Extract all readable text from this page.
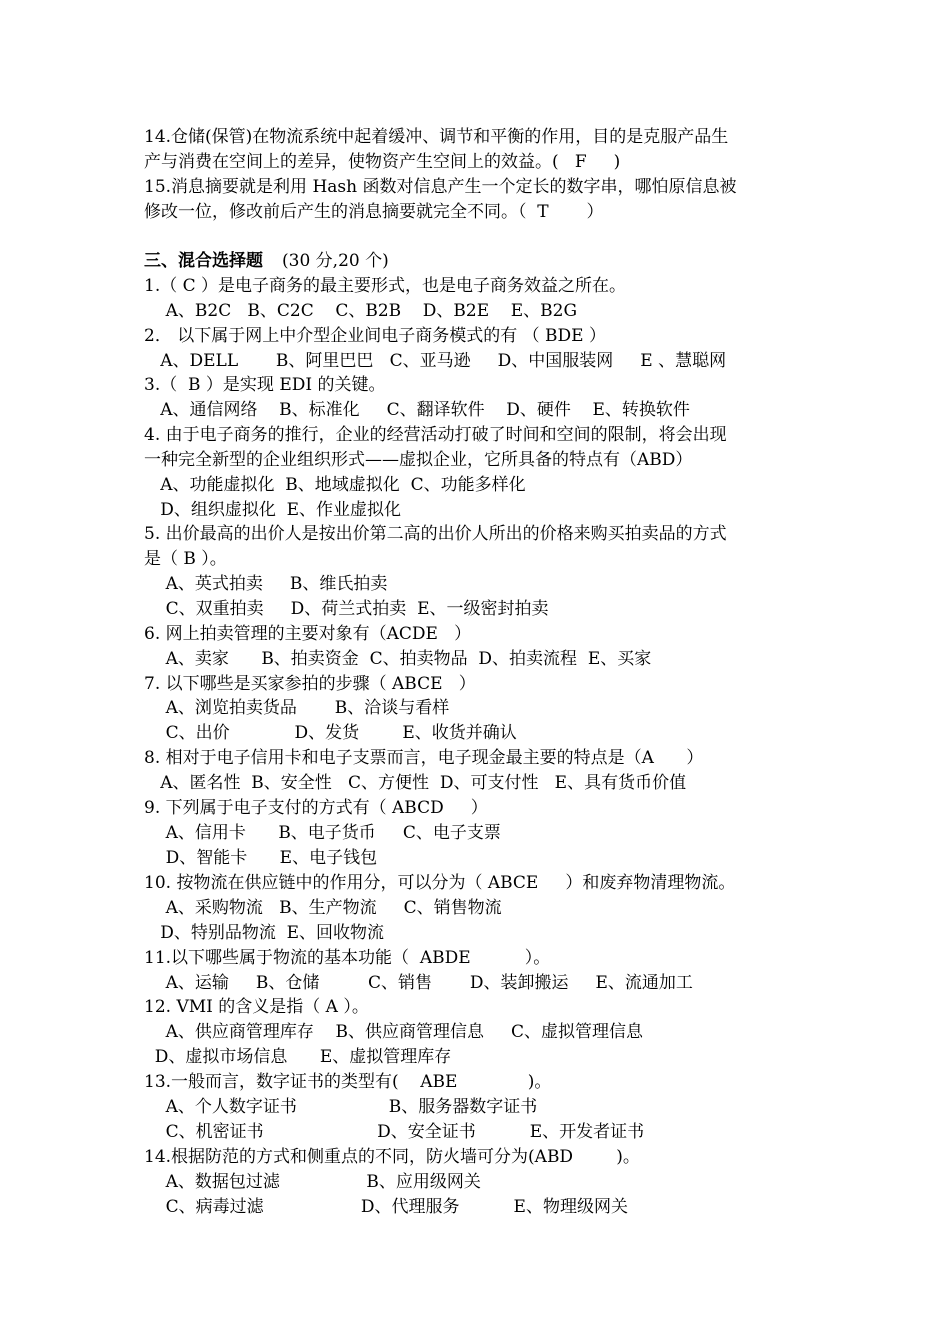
14.仓储(保管)在物流系统中起着缓冲、调节和平衡的作用，目的是克服产品生
产与消费在空间上的差异，使物资产生空间上的效益。(   F     )
15.消息摘要就是利用 Hash 函数对信息产生一个定长的数字串，哪怕原信息被
修改一位，修改前后产生的消息摘要就完全不同。（  T       ）
三、混合选择题 (30 分,20 个)
1.（ C ）是电子商务的最主要形式，也是电子商务效益之所在。
A、B2C   B、C2C    C、B2B    D、B2E    E、B2G
2． 以下属于网上中介型企业间电子商务模式的有 （ BDE ）
A、DELL       B、阿里巴巴   C、亚马逊     D、中国服装网     E 、慧聪网
3.（  B ）是实现 EDI 的关键。
A、通信网络    B、标准化     C、翻译软件    D、硬件    E、转换软件
4. 由于电子商务的推行，企业的经营活动打破了时间和空间的限制，将会出现
一种完全新型的企业组织形式——虚拟企业，它所具备的特点有（ABD）
A、功能虚拟化  B、地域虚拟化  C、功能多样化
D、组织虚拟化  E、作业虚拟化
5. 出价最高的出价人是按出价第二高的出价人所出的价格来购买拍卖品的方式
是（ B ）。
A、英式拍卖     B、维氏拍卖
C、双重拍卖     D、荷兰式拍卖  E、一级密封拍卖
6. 网上拍卖管理的主要对象有（ACDE   ）
A、卖家      B、拍卖资金  C、拍卖物品  D、拍卖流程  E、买家
7. 以下哪些是买家参拍的步骤（ ABCE   ）
A、浏览拍卖货品       B、洽谈与看样
C、出价            D、发货        E、收货并确认
8. 相对于电子信用卡和电子支票而言，电子现金最主要的特点是（A      ）
A、匿名性  B、安全性   C、方便性  D、可支付性   E、具有货币价值
9. 下列属于电子支付的方式有（ ABCD     ）
A、信用卡      B、电子货币     C、电子支票
D、智能卡      E、电子钱包
10. 按物流在供应链中的作用分，可以分为（ ABCE     ）和废弃物清理物流。
A、采购物流   B、生产物流     C、销售物流
D、特别品物流  E、回收物流
11.以下哪些属于物流的基本功能（  ABDE          ）。
A、运输     B、仓储         C、销售       D、装卸搬运     E、流通加工
12. VMI 的含义是指（ A ）。
A、供应商管理库存    B、供应商管理信息     C、虚拟管理信息
D、虚拟市场信息      E、虚拟管理库存
13.一般而言，数字证书的类型有(    ABE             )。
A、个人数字证书                 B、服务器数字证书
C、机密证书                     D、安全证书          E、开发者证书
14.根据防范的方式和侧重点的不同，防火墙可分为(ABD        )。
A、数据包过滤                B、应用级网关
C、病毒过滤                  D、代理服务          E、物理级网关
